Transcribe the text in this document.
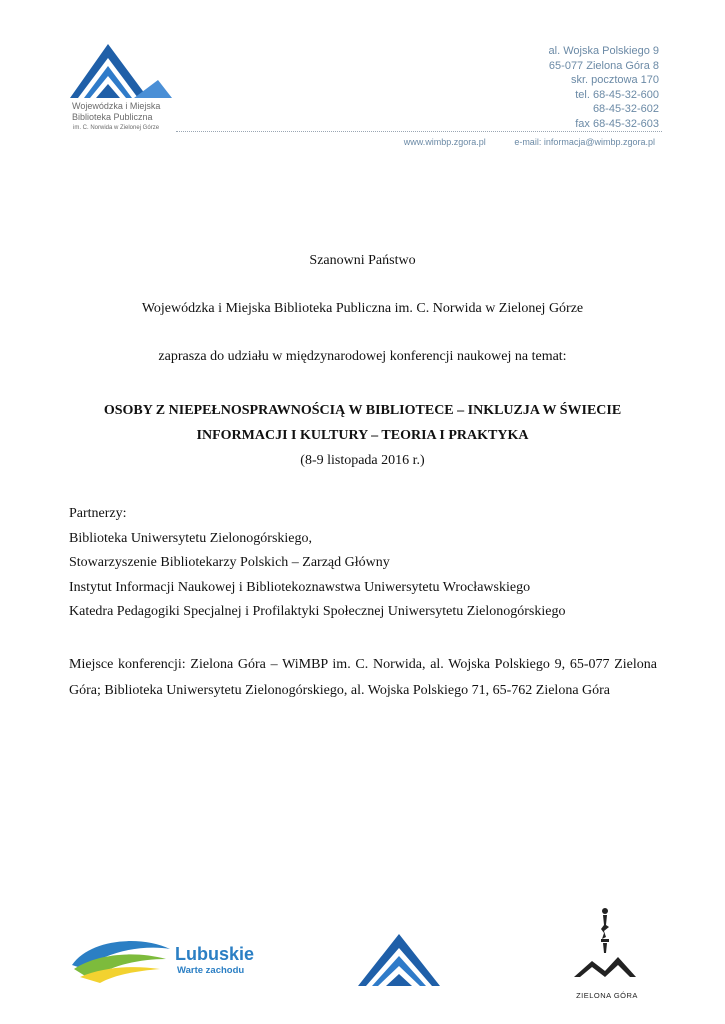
Wojewódzka i Miejska
Biblioteka Publiczna
im. C. Norwida w Zielonej Górze
al. Wojska Polskiego 9
65-077 Zielona Góra 8
skr. pocztowa 170
tel. 68-45-32-600
68-45-32-602
fax 68-45-32-603
www.wimbp.zgora.pl	e-mail: informacja@wimbp.zgora.pl
Szanowni Państwo
Wojewódzka i Miejska Biblioteka Publiczna im. C. Norwida w Zielonej Górze
zaprasza do udziału w międzynarodowej konferencji naukowej na temat:
OSOBY Z NIEPEŁNOSPRAWNOŚCIĄ W BIBLIOTECE – INKLUZJA W ŚWIECIE
INFORMACJI I KULTURY – TEORIA I PRAKTYKA
(8-9 listopada 2016 r.)
Partnerzy:
Biblioteka Uniwersytetu Zielonogórskiego,
Stowarzyszenie Bibliotekarzy Polskich – Zarząd Główny
Instytut Informacji Naukowej i Bibliotekoznawstwa Uniwersytetu Wrocławskiego
Katedra Pedagogiki Specjalnej i Profilaktyki Społecznej Uniwersytetu Zielonogórskiego
Miejsce konferencji: Zielona Góra – WiMBP im. C. Norwida, al. Wojska Polskiego 9, 65-077 Zielona Góra; Biblioteka Uniwersytetu Zielonogórskiego, al. Wojska Polskiego 71, 65-762 Zielona Góra
Lubuskie
Warte zachodu
ZIELONA GÓRA
